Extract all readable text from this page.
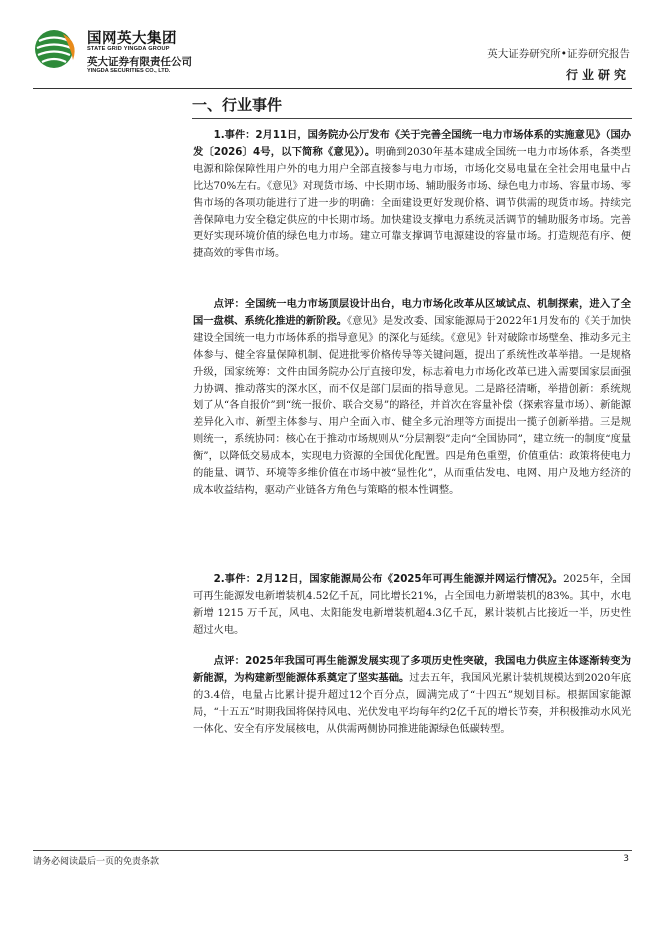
国网英大集团
STATE GRID YINGDA GROUP
英大证券有限责任公司
YINGDA SECURITIES CO., LTD.
英大证券研究所•证券研究报告
行业研究
一、行业事件

1.事件：2月11日，国务院办公厅发布《关于完善全国统一电力市场体系的实施意见》（国办发〔2026〕4号，以下简称《意见》）。明确到2030年基本建成全国统一电力市场体系，各类型电源和除保障性用户外的电力用户全部直接参与电力市场，市场化交易电量在全社会用电量中占比达70%左右。《意见》对现货市场、中长期市场、辅助服务市场、绿色电力市场、容量市场、零售市场的各项功能进行了进一步的明确：全面建设更好发现价格、调节供需的现货市场。持续完善保障电力安全稳定供应的中长期市场。加快建设支撑电力系统灵活调节的辅助服务市场。完善更好实现环境价值的绿色电力市场。建立可靠支撑调节电源建设的容量市场。打造规范有序、便捷高效的零售市场。

点评：全国统一电力市场顶层设计出台，电力市场化改革从区域试点、机制探索，进入了全国一盘棋、系统化推进的新阶段。《意见》是发改委、国家能源局于2022年1月发布的《关于加快建设全国统一电力市场体系的指导意见》的深化与延续。《意见》针对破除市场壁垒、推动多元主体参与、健全容量保障机制、促进批零价格传导等关键问题，提出了系统性改革举措。一是规格升级，国家统筹：文件由国务院办公厅直接印发，标志着电力市场化改革已进入需要国家层面强力协调、推动落实的深水区，而不仅是部门层面的指导意见。二是路径清晰，举措创新：系统规划了从“各自报价”到“统一报价、联合交易”的路径，并首次在容量补偿（探索容量市场）、新能源差异化入市、新型主体参与、用户全面入市、健全多元治理等方面提出一揽子创新举措。三是规则统一，系统协同：核心在于推动市场规则从“分层割裂”走向“全国协同”，建立统一的制度“度量衡”，以降低交易成本，实现电力资源的全国优化配置。四是角色重塑，价值重估：政策将使电力的能量、调节、环境等多维价值在市场中被“显性化”，从而重估发电、电网、用户及地方经济的成本收益结构，驱动产业链各方角色与策略的根本性调整。

2.事件：2月12日，国家能源局公布《2025年可再生能源并网运行情况》。2025年，全国可再生能源发电新增装机4.52亿千瓦，同比增长21%，占全国电力新增装机的83%。其中，水电新增 1215 万千瓦，风电、太阳能发电新增装机超4.3亿千瓦，累计装机占比接近一半，历史性超过火电。

点评：2025年我国可再生能源发展实现了多项历史性突破，我国电力供应主体逐渐转变为新能源，为构建新型能源体系奠定了坚实基础。过去五年，我国风光累计装机规模达到2020年底的3.4倍，电量占比累计提升超过12个百分点，圆满完成了“十四五”规划目标。根据国家能源局，“十五五”时期我国将保持风电、光伏发电平均每年约2亿千瓦的增长节奏，并积极推动水风光一体化、安全有序发展核电，从供需两侧协同推进能源绿色低碳转型。

请务必阅读最后一页的免责条款	3
